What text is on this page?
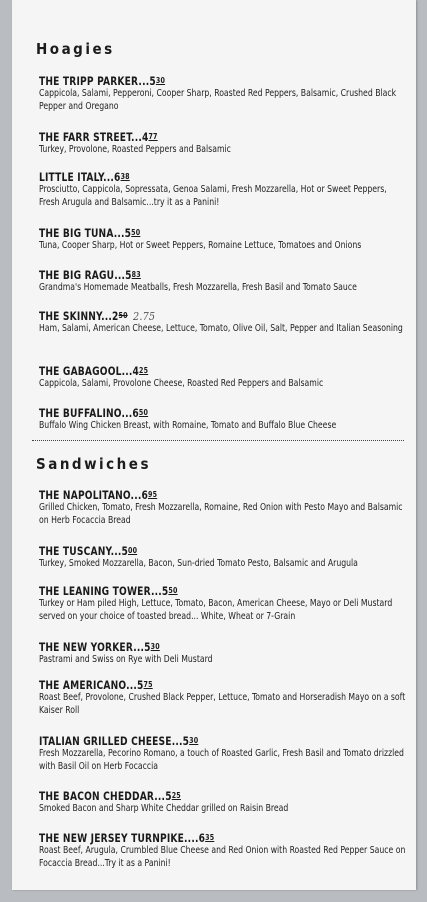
Hoagies
THE TRIPP PARKER...5$^{30}$
Cappicola, Salami, Pepperoni, Cooper Sharp, Roasted Red Peppers, Balsamic, Crushed Black Pepper and Oregano
THE FARR STREET...4$^{77}$
Turkey, Provolone, Roasted Peppers and Balsamic
LITTLE ITALY...6$^{38}$
Prosciutto, Cappicola, Sopressata, Genoa Salami, Fresh Mozzarella, Hot or Sweet Peppers, Fresh Arugula and Balsamic...try it as a Panini!
THE BIG TUNA...5$^{50}$
Tuna, Cooper Sharp, Hot or Sweet Peppers, Romaine Lettuce, Tomatoes and Onions
THE BIG RAGU...5$^{83}$
Grandma's Homemade Meatballs, Fresh Mozzarella, Fresh Basil and Tomato Sauce
THE SKINNY...2$^{50}$ 2.75
Ham, Salami, American Cheese, Lettuce, Tomato, Olive Oil, Salt, Pepper and Italian Seasoning
THE GABAGOOL...4$^{25}$
Cappicola, Salami, Provolone Cheese, Roasted Red Peppers and Balsamic
THE BUFFALINO...6$^{50}$
Buffalo Wing Chicken Breast, with Romaine, Tomato and Buffalo Blue Cheese
Sandwiches
THE NAPOLITANO...6$^{95}$
Grilled Chicken, Tomato, Fresh Mozzarella, Romaine, Red Onion with Pesto Mayo and Balsamic on Herb Focaccia Bread
THE TUSCANY...5$^{00}$
Turkey, Smoked Mozzarella, Bacon, Sun-dried Tomato Pesto, Balsamic and Arugula
THE LEANING TOWER...5$^{50}$
Turkey or Ham piled High, Lettuce, Tomato, Bacon, American Cheese, Mayo or Deli Mustard served on your choice of toasted bread... White, Wheat or 7-Grain
THE NEW YORKER...5$^{30}$
Pastrami and Swiss on Rye with Deli Mustard
THE AMERICANO...5$^{75}$
Roast Beef, Provolone, Crushed Black Pepper, Lettuce, Tomato and Horseradish Mayo on a soft Kaiser Roll
ITALIAN GRILLED CHEESE...5$^{30}$
Fresh Mozzarella, Pecorino Romano, a touch of Roasted Garlic, Fresh Basil and Tomato drizzled with Basil Oil on Herb Focaccia
THE BACON CHEDDAR...5$^{25}$
Smoked Bacon and Sharp White Cheddar grilled on Raisin Bread
THE NEW JERSEY TURNPIKE....6$^{35}$
Roast Beef, Arugula, Crumbled Blue Cheese and Red Onion with Roasted Red Pepper Sauce on Focaccia Bread...Try it as a Panini!
